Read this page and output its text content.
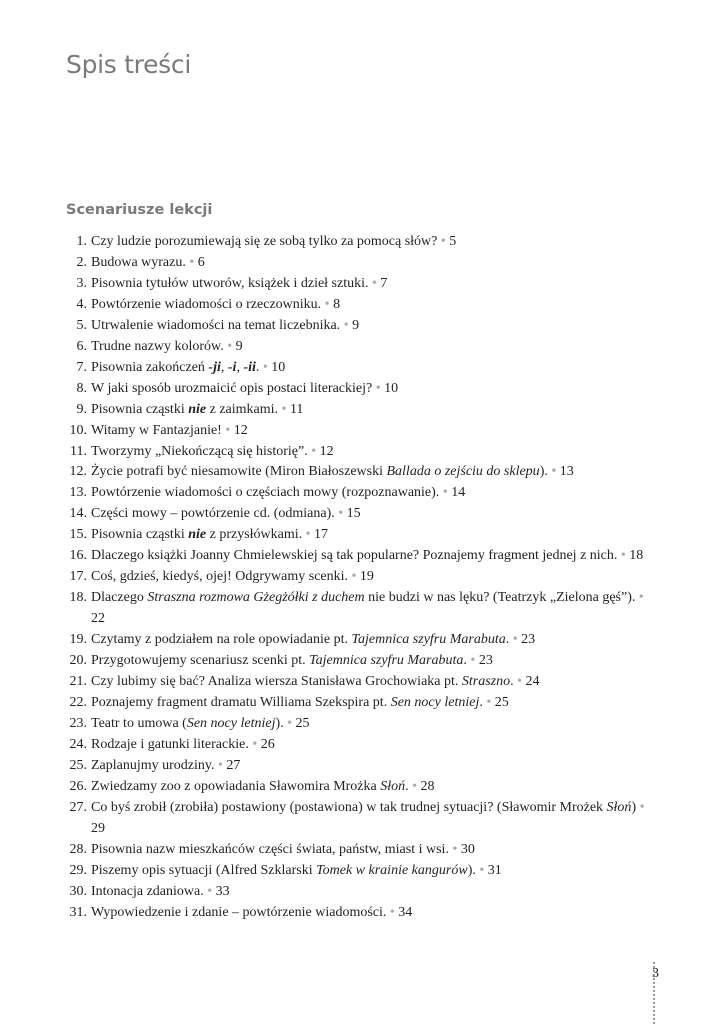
Spis treści
Scenariusze lekcji
1. Czy ludzie porozumiewają się ze sobą tylko za pomocą słów? • 5
2. Budowa wyrazu. • 6
3. Pisownia tytułów utworów, książek i dzieł sztuki. • 7
4. Powtórzenie wiadomości o rzeczowniku. • 8
5. Utrwalenie wiadomości na temat liczebnika. • 9
6. Trudne nazwy kolorów. • 9
7. Pisownia zakończeń -ji, -i, -ii. • 10
8. W jaki sposób urozmaicić opis postaci literackiej? • 10
9. Pisownia cząstki nie z zaimkami. • 11
10. Witamy w Fantazjanie! • 12
11. Tworzymy „Niekończącą się historię”. • 12
12. Życie potrafi być niesamowite (Miron Białoszewski Ballada o zejściu do sklepu). • 13
13. Powtórzenie wiadomości o częściach mowy (rozpoznawanie). • 14
14. Części mowy – powtórzenie cd. (odmiana). • 15
15. Pisownia cząstki nie z przysłówkami. • 17
16. Dlaczego książki Joanny Chmielewskiej są tak popularne? Poznajemy fragment jednej z nich. • 18
17. Coś, gdzieś, kiedyś, ojej! Odgrywamy scenki. • 19
18. Dlaczego Straszna rozmowa Gżegżółki z duchem nie budzi w nas lęku? (Teatrzyk „Zielona gęś”). • 22
19. Czytamy z podziałem na role opowiadanie pt. Tajemnica szyfru Marabuta. • 23
20. Przygotowujemy scenariusz scenki pt. Tajemnica szyfru Marabuta. • 23
21. Czy lubimy się bać? Analiza wiersza Stanisława Grochowiaka pt. Straszno. • 24
22. Poznajemy fragment dramatu Williama Szekspira pt. Sen nocy letniej. • 25
23. Teatr to umowa (Sen nocy letniej). • 25
24. Rodzaje i gatunki literackie. • 26
25. Zaplanujmy urodziny. • 27
26. Zwiedzamy zoo z opowiadania Sławomira Mrożka Słoń. • 28
27. Co byś zrobił (zrobiła) postawiony (postawiona) w tak trudnej sytuacji? (Sławomir Mrożek Słoń) • 29
28. Pisownia nazw mieszkańców części świata, państw, miast i wsi. • 30
29. Piszemy opis sytuacji (Alfred Szklarski Tomek w krainie kangurów). • 31
30. Intonacja zdaniowa. • 33
31. Wypowiedzenie i zdanie – powtórzenie wiadomości. • 34
3
